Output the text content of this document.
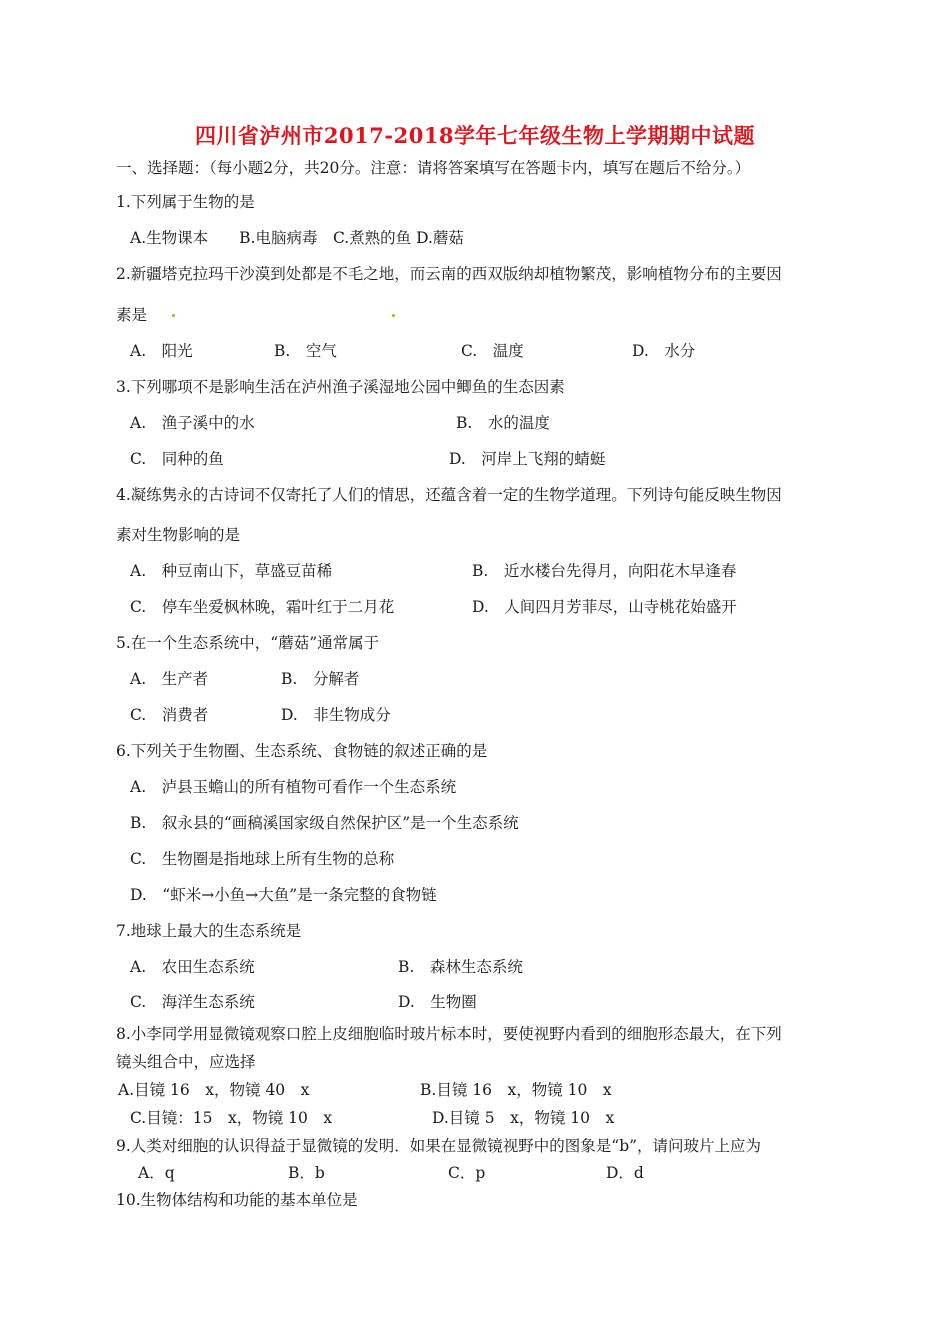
四川省泸州市2017-2018学年七年级生物上学期期中试题
一、选择题：（每小题2分，共20分。注意：请将答案填写在答题卡内，填写在题后不给分。）
1.下列属于生物的是
A.生物课本　　B.电脑病毒　C.煮熟的鱼 D.蘑菇
2.新疆塔克拉玛干沙漠到处都是不毛之地，而云南的西双版纳却植物繁茂，影响植物分布的主要因
素是
A.　阳光	B.　空气	C.　温度	D.　水分
3.下列哪项不是影响生活在泸州渔子溪湿地公园中鲫鱼的生态因素
A.　渔子溪中的水	B.　水的温度
C.　同种的鱼	D.　河岸上飞翔的蜻蜓
4.凝练隽永的古诗词不仅寄托了人们的情思，还蕴含着一定的生物学道理。下列诗句能反映生物因
素对生物影响的是
A.　种豆南山下，草盛豆苗稀	B.　近水楼台先得月，向阳花木早逢春
C.　停车坐爱枫林晚，霜叶红于二月花	D.　人间四月芳菲尽，山寺桃花始盛开
5.在一个生态系统中，“蘑菇”通常属于
A.　生产者	B.　分解者
C.　消费者	D.　非生物成分
6.下列关于生物圈、生态系统、食物链的叙述正确的是
A.　泸县玉蟾山的所有植物可看作一个生态系统
B.　叙永县的“画稿溪国家级自然保护区”是一个生态系统
C.　生物圈是指地球上所有生物的总称
D.　“虾米→小鱼→大鱼”是一条完整的食物链
7.地球上最大的生态系统是
A.　农田生态系统	B.　森林生态系统
C.　海洋生态系统	D.　生物圈
8.小李同学用显微镜观察口腔上皮细胞临时玻片标本时，要使视野内看到的细胞形态最大，在下列
镜头组合中，应选择
A.目镜 16　x，物镜 40　x	B.目镜 16　x，物镜 10　x
C.目镜：15　x，物镜 10　x	D.目镜 5　x，物镜 10　x
9.人类对细胞的认识得益于显微镜的发明．如果在显微镜视野中的图象是“b”，请问玻片上应为
A．q	B．b	C．p	D．d
10.生物体结构和功能的基本单位是
